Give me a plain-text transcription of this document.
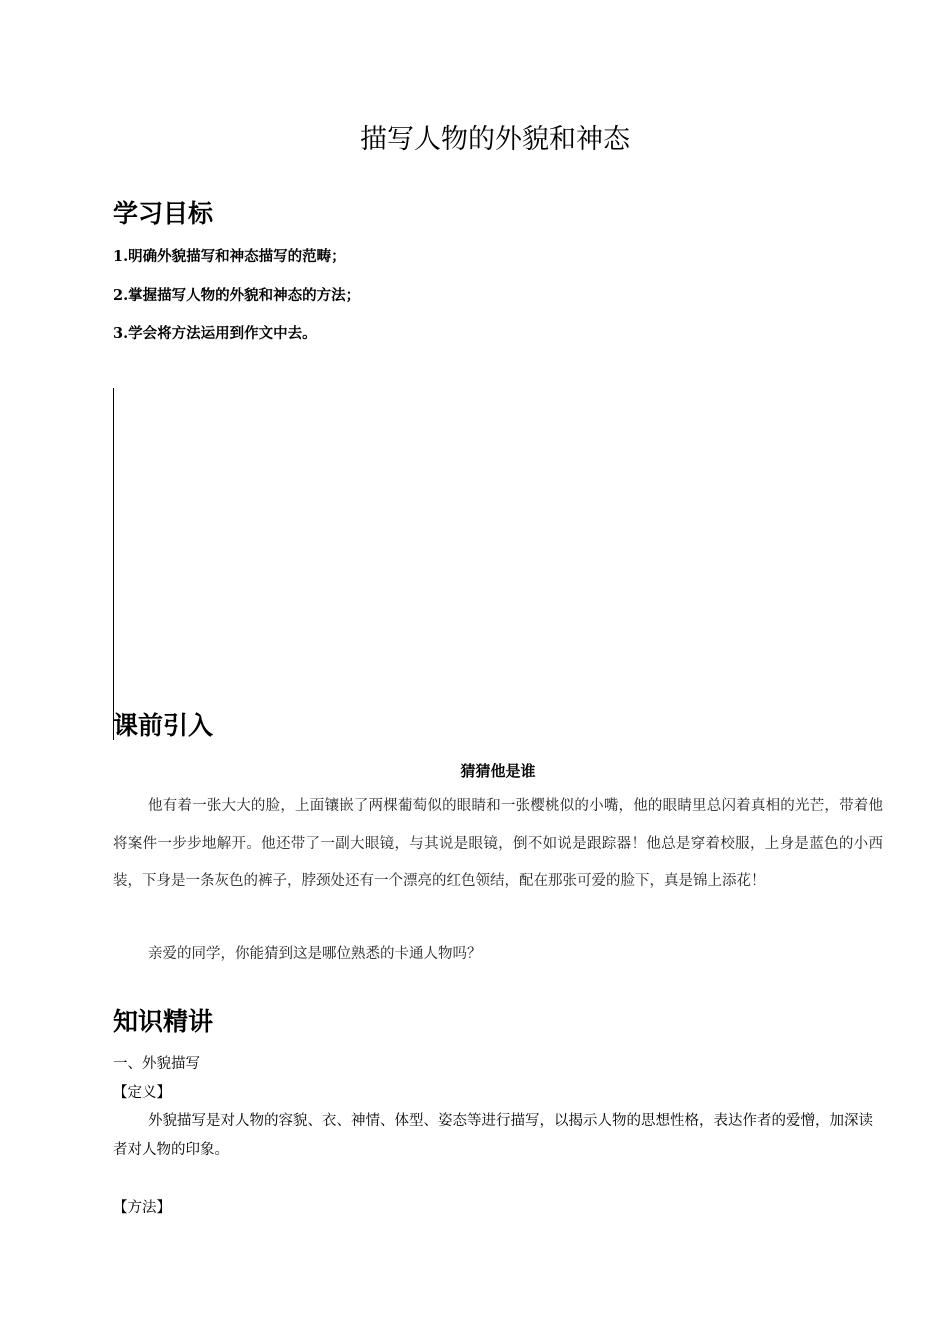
描写人物的外貌和神态
学习目标
1.明确外貌描写和神态描写的范畴；
2.掌握描写人物的外貌和神态的方法；
3.学会将方法运用到作文中去。
课前引入
猜猜他是谁
他有着一张大大的脸，上面镶嵌了两棵葡萄似的眼睛和一张樱桃似的小嘴，他的眼睛里总闪着真相的光芒，带着他将案件一步步地解开。他还带了一副大眼镜，与其说是眼镜，倒不如说是跟踪器！他总是穿着校服，上身是蓝色的小西装，下身是一条灰色的裤子，脖颈处还有一个漂亮的红色领结，配在那张可爱的脸下，真是锦上添花！
亲爱的同学，你能猜到这是哪位熟悉的卡通人物吗？
知识精讲
一、外貌描写
【定义】
外貌描写是对人物的容貌、衣、神情、体型、姿态等进行描写，以揭示人物的思想性格，表达作者的爱憎，加深读者对人物的印象。
【方法】
